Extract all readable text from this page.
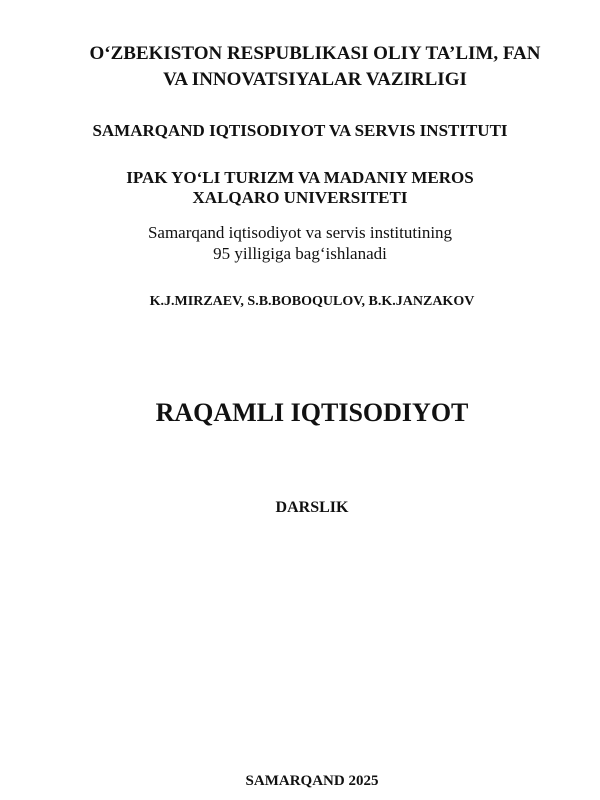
O‘ZBEKISTON RESPUBLIKASI OLIY TA’LIM, FAN
VA INNOVATSIYALAR VAZIRLIGI
SAMARQAND IQTISODIYOT VA SERVIS INSTITUTI
IPAK YO‘LI TURIZM VA MADANIY MEROS
XALQARO UNIVERSITETI
Samarqand iqtisodiyot va servis institutining
95 yilligiga bag‘ishlanadi
K.J.MIRZAEV, S.B.BOBOQULOV, B.K.JANZAKOV
RAQAMLI IQTISODIYOT
DARSLIK
SAMARQAND 2025
